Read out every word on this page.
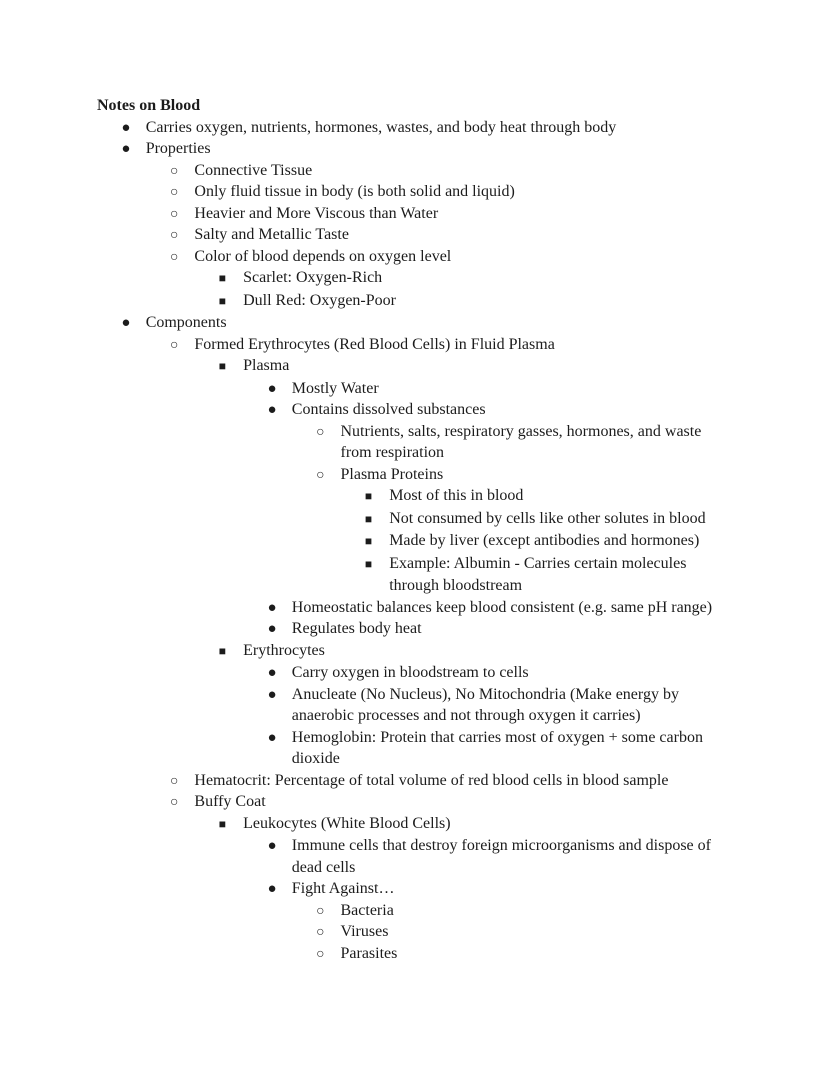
Notes on Blood
● Carries oxygen, nutrients, hormones, wastes, and body heat through body
● Properties
○ Connective Tissue
○ Only fluid tissue in body (is both solid and liquid)
○ Heavier and More Viscous than Water
○ Salty and Metallic Taste
○ Color of blood depends on oxygen level
■ Scarlet: Oxygen-Rich
■ Dull Red: Oxygen-Poor
● Components
○ Formed Erythrocytes (Red Blood Cells) in Fluid Plasma
■ Plasma
● Mostly Water
● Contains dissolved substances
○ Nutrients, salts, respiratory gasses, hormones, and waste from respiration
○ Plasma Proteins
■ Most of this in blood
■ Not consumed by cells like other solutes in blood
■ Made by liver (except antibodies and hormones)
■ Example: Albumin - Carries certain molecules through bloodstream
● Homeostatic balances keep blood consistent (e.g. same pH range)
● Regulates body heat
■ Erythrocytes
● Carry oxygen in bloodstream to cells
● Anucleate (No Nucleus), No Mitochondria (Make energy by anaerobic processes and not through oxygen it carries)
● Hemoglobin: Protein that carries most of oxygen + some carbon dioxide
○ Hematocrit: Percentage of total volume of red blood cells in blood sample
○ Buffy Coat
■ Leukocytes (White Blood Cells)
● Immune cells that destroy foreign microorganisms and dispose of dead cells
● Fight Against…
○ Bacteria
○ Viruses
○ Parasites
